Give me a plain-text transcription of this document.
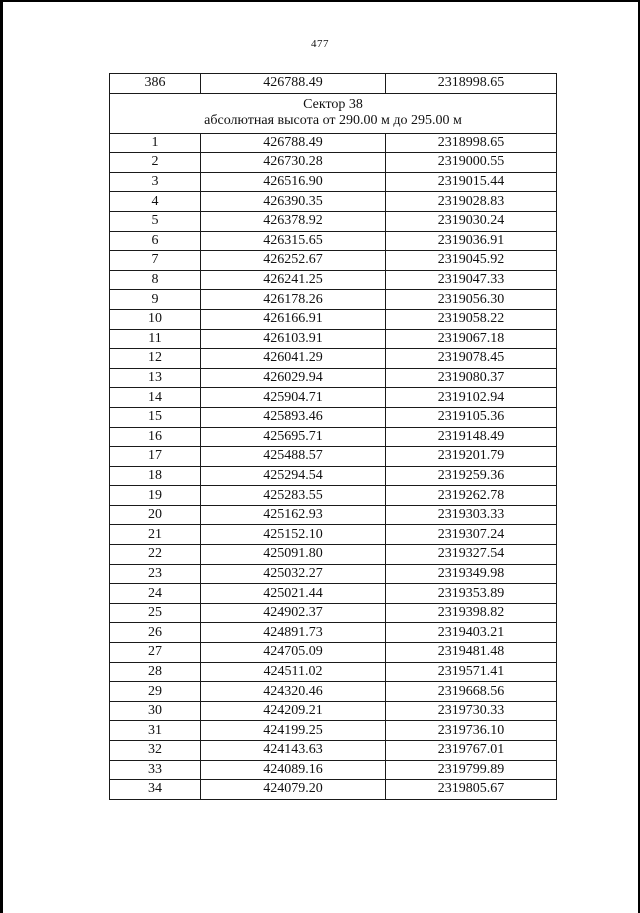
477
386	426788.49	2318998.65

Сектор 38
абсолютная высота от 290.00 м до 295.00 м		

1	426788.49	2318998.65
2	426730.28	2319000.55
3	426516.90	2319015.44
4	426390.35	2319028.83
5	426378.92	2319030.24
6	426315.65	2319036.91
7	426252.67	2319045.92
8	426241.25	2319047.33
9	426178.26	2319056.30
10	426166.91	2319058.22
11	426103.91	2319067.18
12	426041.29	2319078.45
13	426029.94	2319080.37
14	425904.71	2319102.94
15	425893.46	2319105.36
16	425695.71	2319148.49
17	425488.57	2319201.79
18	425294.54	2319259.36
19	425283.55	2319262.78
20	425162.93	2319303.33
21	425152.10	2319307.24
22	425091.80	2319327.54
23	425032.27	2319349.98
24	425021.44	2319353.89
25	424902.37	2319398.82
26	424891.73	2319403.21
27	424705.09	2319481.48
28	424511.02	2319571.41
29	424320.46	2319668.56
30	424209.21	2319730.33
31	424199.25	2319736.10
32	424143.63	2319767.01
33	424089.16	2319799.89
34	424079.20	2319805.67
